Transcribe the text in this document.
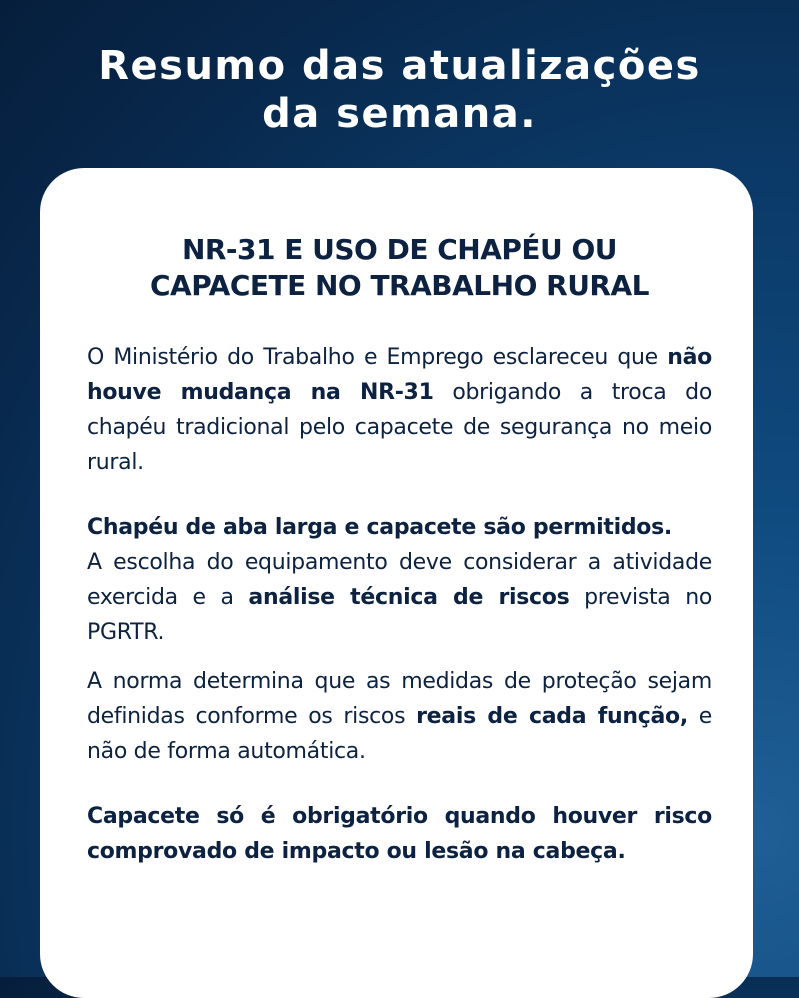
Resumo das atualizações
da semana.
NR-31 E USO DE CHAPÉU OU
CAPACETE NO TRABALHO RURAL

O Ministério do Trabalho e Emprego esclareceu que não houve mudança na NR-31 obrigando a troca do chapéu tradicional pelo capacete de segurança no meio rural.

Chapéu de aba larga e capacete são permitidos.
A escolha do equipamento deve considerar a atividade exercida e a análise técnica de riscos prevista no PGRTR.

A norma determina que as medidas de proteção sejam definidas conforme os riscos reais de cada função, e não de forma automática.

Capacete só é obrigatório quando houver risco comprovado de impacto ou lesão na cabeça.
